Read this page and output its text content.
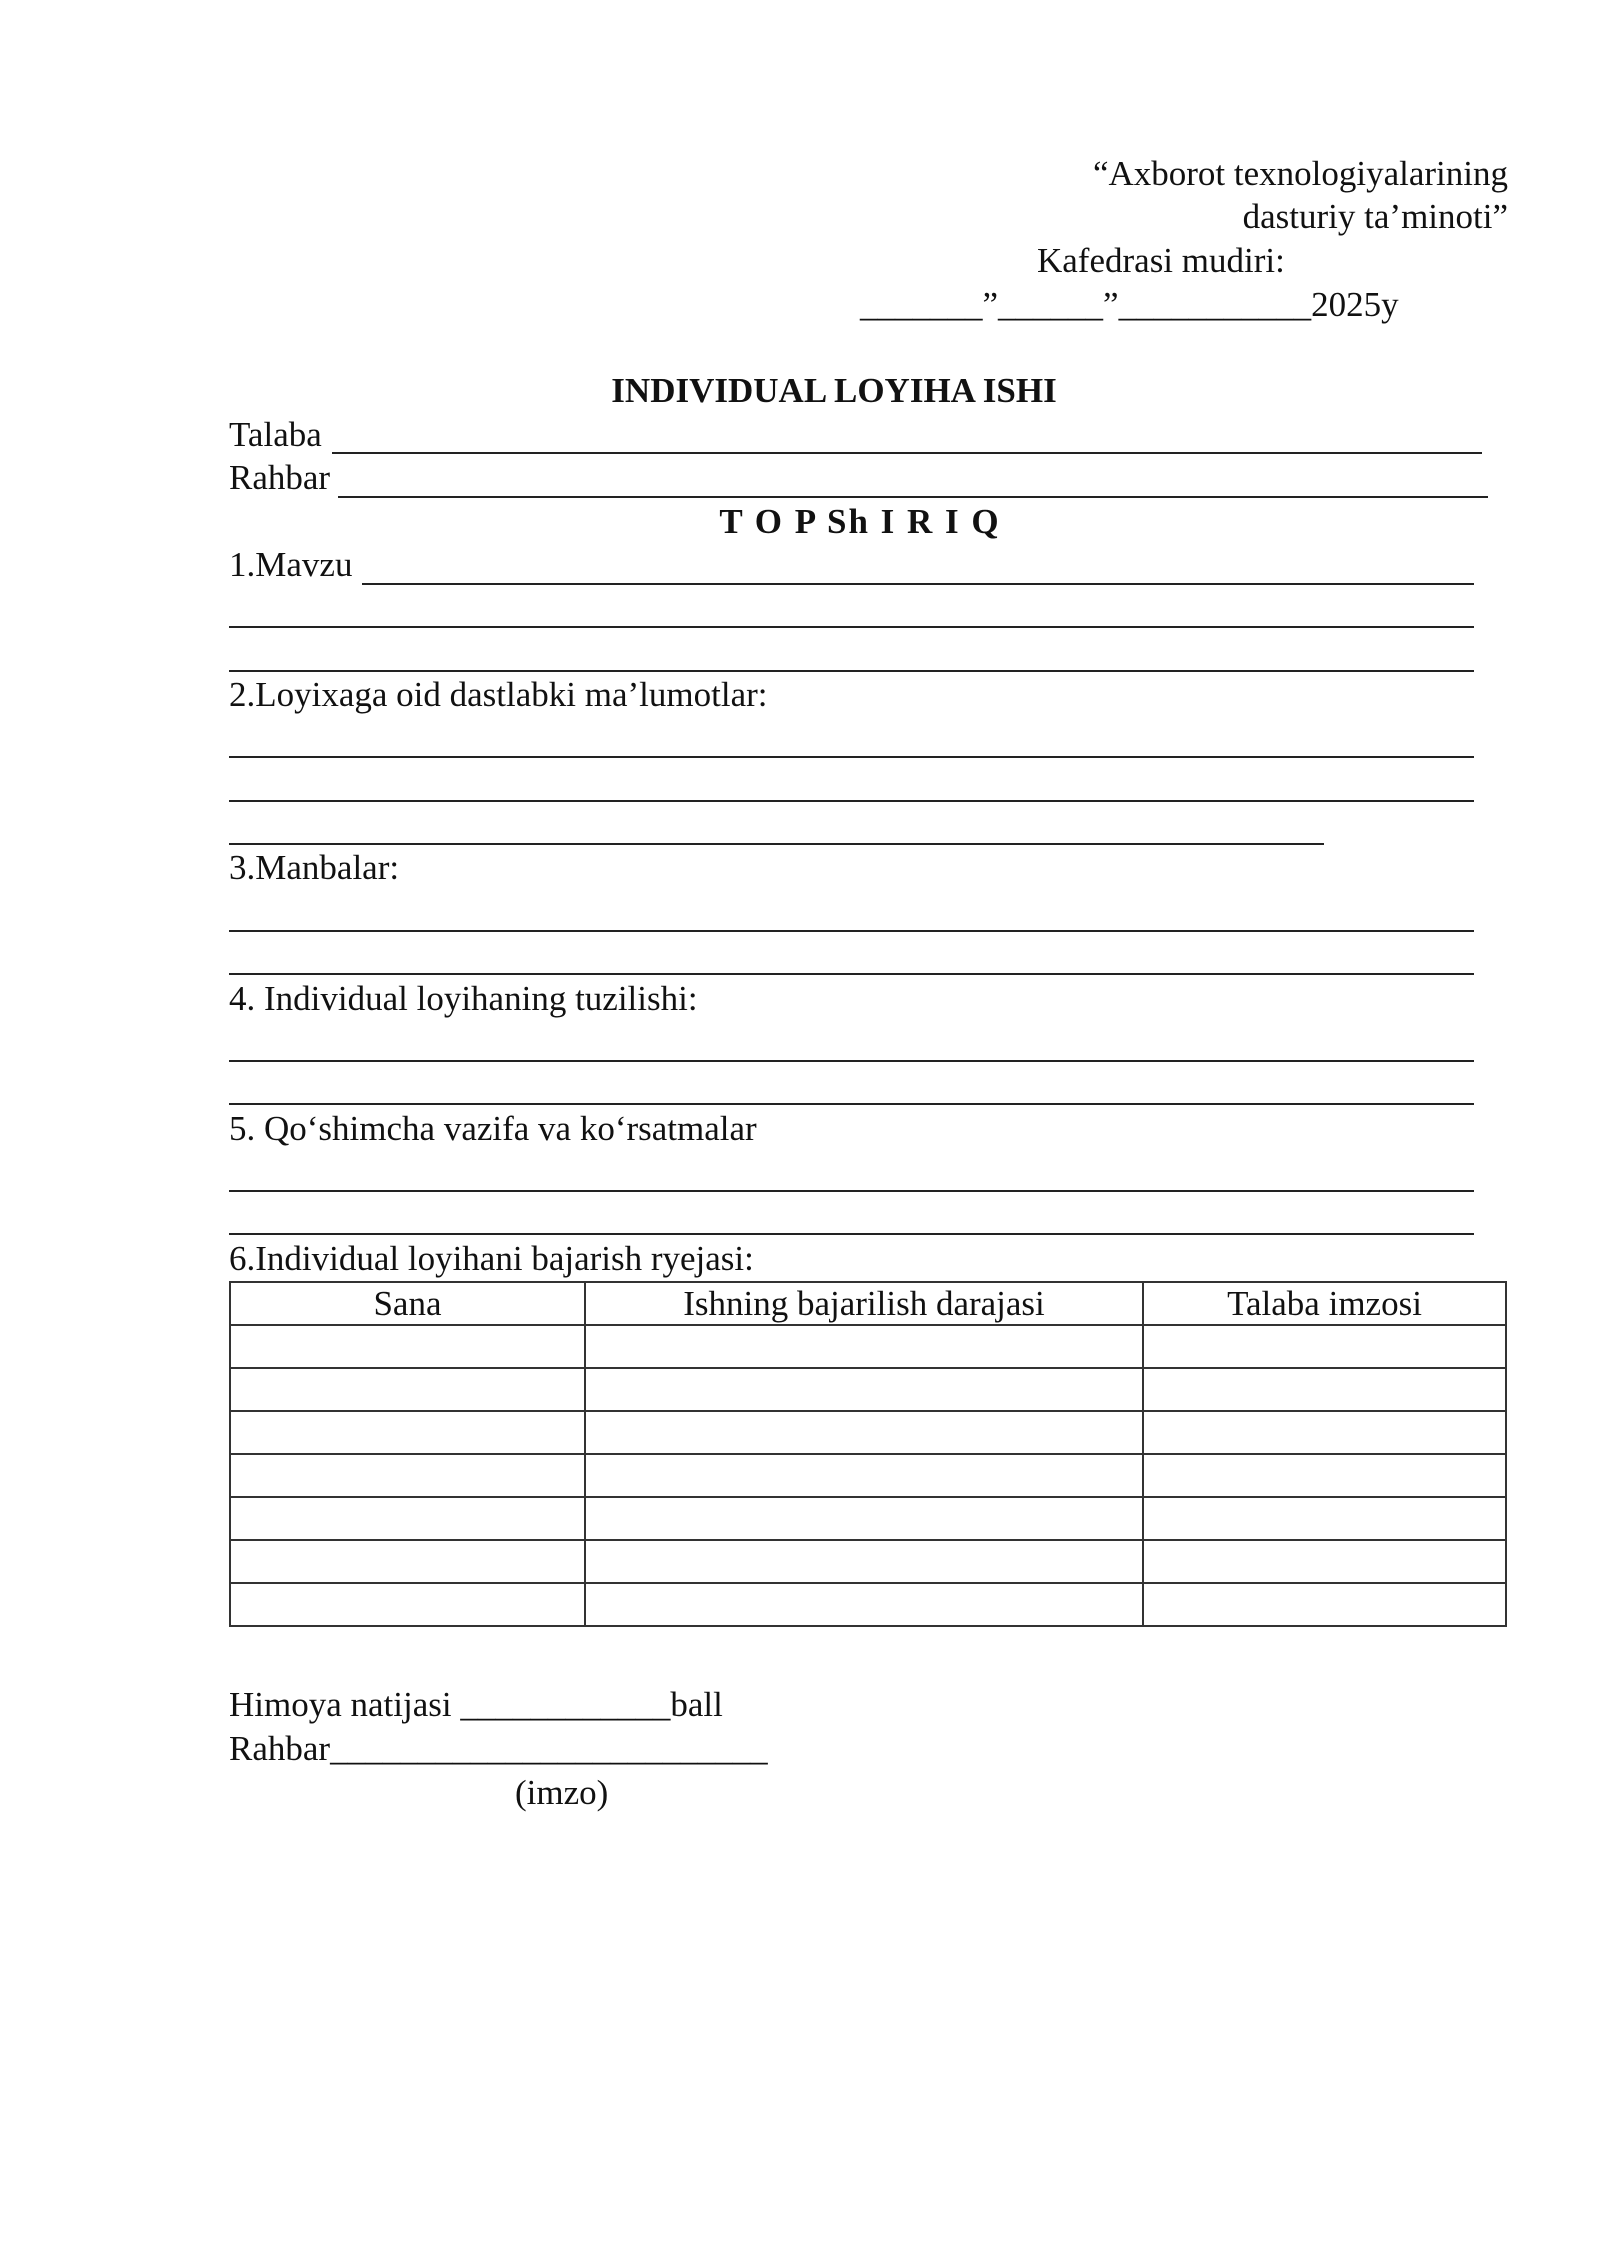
“Axborot texnologiyalarining
dasturiy ta’minoti”
Kafedrasi mudiri:
_______”______”___________2025y
INDIVIDUAL LOYIHA ISHI
Talaba
Rahbar
T O P Sh I R I Q
1.Mavzu
2.Loyixaga oid dastlabki ma’lumotlar:
3.Manbalar:
4. Individual loyihaning tuzilishi:
5. Qo‘shimcha vazifa va ko‘rsatmalar
6.Individual loyihani bajarish ryejasi:
Sana	Ishning bajarilish darajasi	Talaba imzosi

Himoya natijasi ____________ball
Rahbar_________________________
(imzo)
